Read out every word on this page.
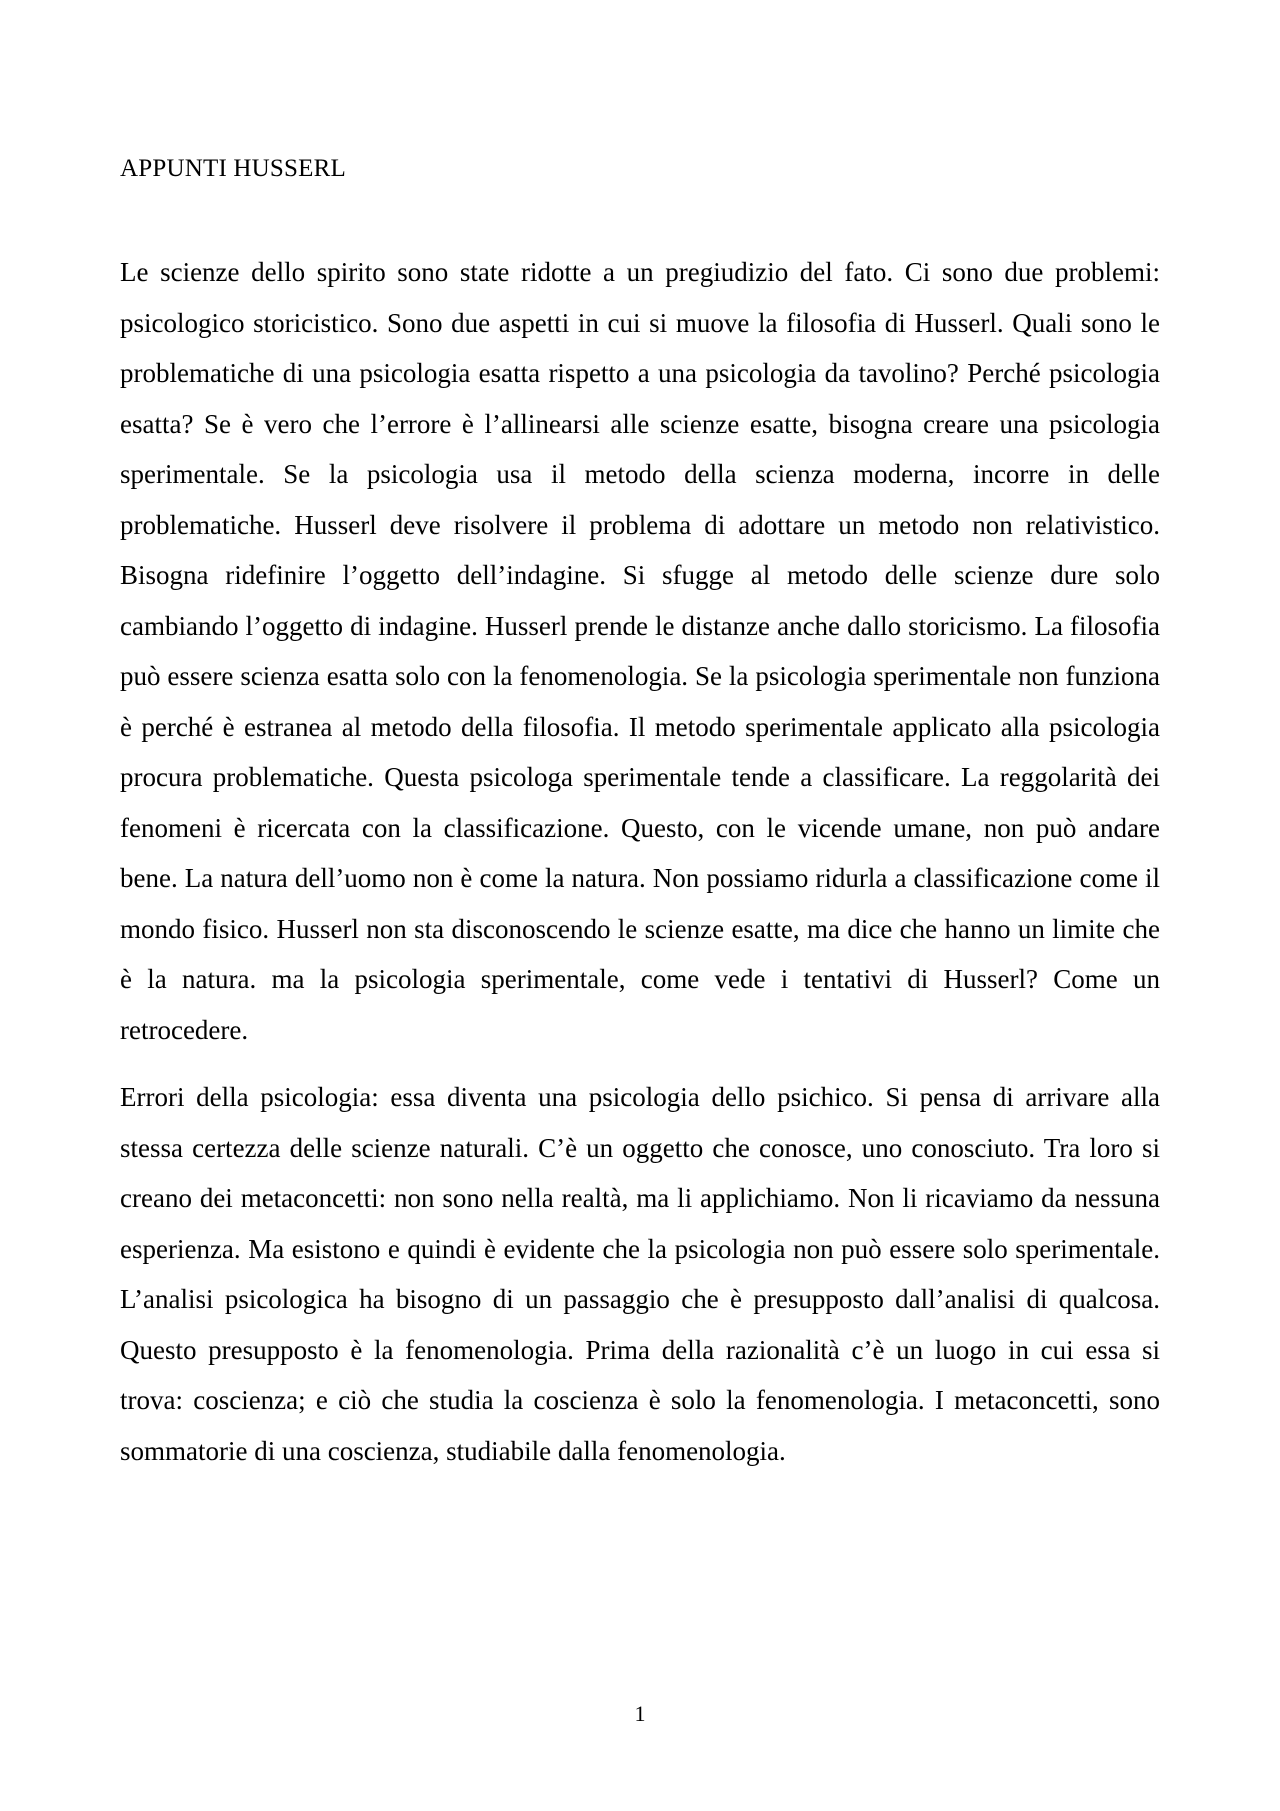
APPUNTI HUSSERL

Le scienze dello spirito sono state ridotte a un pregiudizio del fato. Ci sono due problemi: psicologico storicistico. Sono due aspetti in cui si muove la filosofia di Husserl. Quali sono le problematiche di una psicologia esatta rispetto a una psicologia da tavolino? Perché psicologia esatta? Se è vero che l’errore è l’allinearsi alle scienze esatte, bisogna creare una psicologia sperimentale. Se la psicologia usa il metodo della scienza moderna, incorre in delle problematiche. Husserl deve risolvere il problema di adottare un metodo non relativistico. Bisogna ridefinire l’oggetto dell’indagine. Si sfugge al metodo delle scienze dure solo cambiando l’oggetto di indagine. Husserl prende le distanze anche dallo storicismo. La filosofia può essere scienza esatta solo con la fenomenologia. Se la psicologia sperimentale non funziona è perché è estranea al metodo della filosofia. Il metodo sperimentale applicato alla psicologia procura problematiche. Questa psicologa sperimentale tende a classificare. La reggolarità dei fenomeni è ricercata con la classificazione. Questo, con le vicende umane, non può andare bene. La natura dell’uomo non è come la natura. Non possiamo ridurla a classificazione come il mondo fisico. Husserl non sta disconoscendo le scienze esatte, ma dice che hanno un limite che è la natura. ma la psicologia sperimentale, come vede i tentativi di Husserl? Come un retrocedere.

Errori della psicologia: essa diventa una psicologia dello psichico. Si pensa di arrivare alla stessa certezza delle scienze naturali. C’è un oggetto che conosce, uno conosciuto. Tra loro si creano dei metaconcetti: non sono nella realtà, ma li applichiamo. Non li ricaviamo da nessuna esperienza. Ma esistono e quindi è evidente che la psicologia non può essere solo sperimentale. L’analisi psicologica ha bisogno di un passaggio che è presupposto dall’analisi di qualcosa. Questo presupposto è la fenomenologia. Prima della razionalità c’è un luogo in cui essa si trova: coscienza; e ciò che studia la coscienza è solo la fenomenologia. I metaconcetti, sono sommatorie di una coscienza, studiabile dalla fenomenologia.

1
